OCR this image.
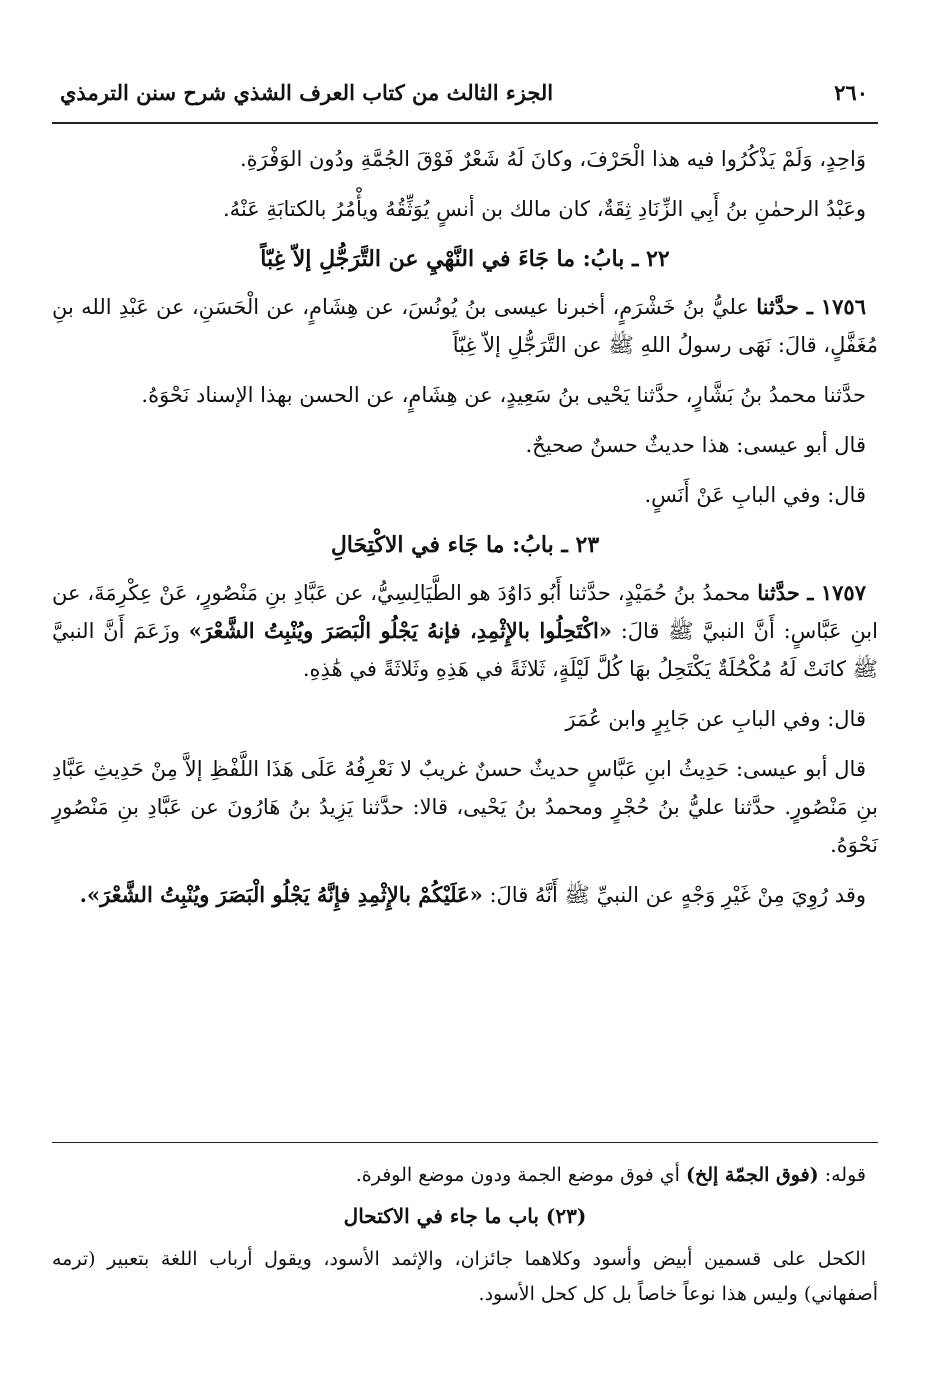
٢٦٠
الجزء الثالث من كتاب العرف الشذي شرح سنن الترمذي

وَاحِدٍ، وَلَمْ يَذْكُرُوا فيه هذا الْحَرْفَ، وكانَ لَهُ شَعْرٌ فَوْقَ الجُمَّةِ ودُون الوَفْرَةِ.

وعَبْدُ الرحمٰنِ بنُ أَبِي الزِّنَادِ ثِقَةٌ، كان مالك بن أنسٍ يُوَثِّقُهُ ويأْمُرُ بالكتابَةِ عَنْهُ.

٢٢ ـ بابُ: ما جَاءَ في النَّهْيِ عن التَّرَجُّلِ إلاّ غِبّاً

١٧٥٦ ـ حدَّثنا عليُّ بنُ خَشْرَمٍ، أخبرنا عيسى بنُ يُونُسَ، عن هِشَامٍ، عن الْحَسَنِ، عن عَبْدِ الله بنِ مُغَفَّلٍ، قالَ: نَهَى رسولُ اللهِ ﷺ عن التَّرَجُّلِ إلاّ غِبّاً

حدَّثنا محمدُ بنُ بَشَّارٍ، حدَّثنا يَحْيى بنُ سَعِيدٍ، عن هِشَامٍ، عن الحسن بهذا الإسناد نَحْوَهُ.

قال أبو عيسى: هذا حديثٌ حسنٌ صحيحٌ.

قال: وفي البابِ عَنْ أَنَسٍ.

٢٣ ـ بابُ: ما جَاء في الاكْتِحَالِ

١٧٥٧ ـ حدَّثنا محمدُ بنُ حُمَيْدٍ، حدَّثنا أَبُو دَاوُدَ هو الطَّيَالِسِيُّ، عن عَبَّادِ بنِ مَنْصُورٍ، عَنْ عِكْرِمَةَ، عن ابنِ عَبَّاسٍ: أَنَّ النبيَّ ﷺ قالَ: «اكْتَحِلُوا بالإِثْمِدِ، فإنهُ يَجْلُو الْبَصَرَ ويُنْبِتُ الشَّعْرَ» وزَعَمَ أَنَّ النبيَّ ﷺ كانَتْ لَهُ مُكْحُلَةٌ يَكْتَحِلُ بهَا كُلَّ لَيْلَةٍ، ثَلاثَةً في هَذِهِ وثَلاثَةً في هَٰذِهِ.

قال: وفي البابِ عن جَابِرٍ وابن عُمَرَ

قال أبو عيسى: حَدِيثُ ابنِ عَبَّاسٍ حديثٌ حسنٌ غريبٌ لا نَعْرِفُهُ عَلَى هَذَا اللَّفْظِ إلاَّ مِنْ حَدِيثِ عَبَّادِ بنِ مَنْصُورٍ. حدَّثنا عليُّ بنُ حُجْرٍ ومحمدُ بنُ يَحْيى، قالا: حدَّثنا يَزِيدُ بنُ هَارُونَ عن عَبَّادِ بنِ مَنْصُورٍ نَحْوَهُ.

وقد رُوِيَ مِنْ غَيْرِ وَجْهٍ عن النبيِّ ﷺ أَنَّهُ قالَ: «عَلَيْكُمْ بالإِثْمِدِ فإِنَّهُ يَجْلُو الْبَصَرَ ويُنْبِتُ الشَّعْرَ».

قوله: (فوق الجمّة إلخ) أي فوق موضع الجمة ودون موضع الوفرة.

(٢٣) باب ما جاء في الاكتحال

الكحل على قسمين أبيض وأسود وكلاهما جائزان، والإثمد الأسود، ويقول أرباب اللغة بتعبير (ترمه أصفهاني) وليس هذا نوعاً خاصاً بل كل كحل الأسود.
